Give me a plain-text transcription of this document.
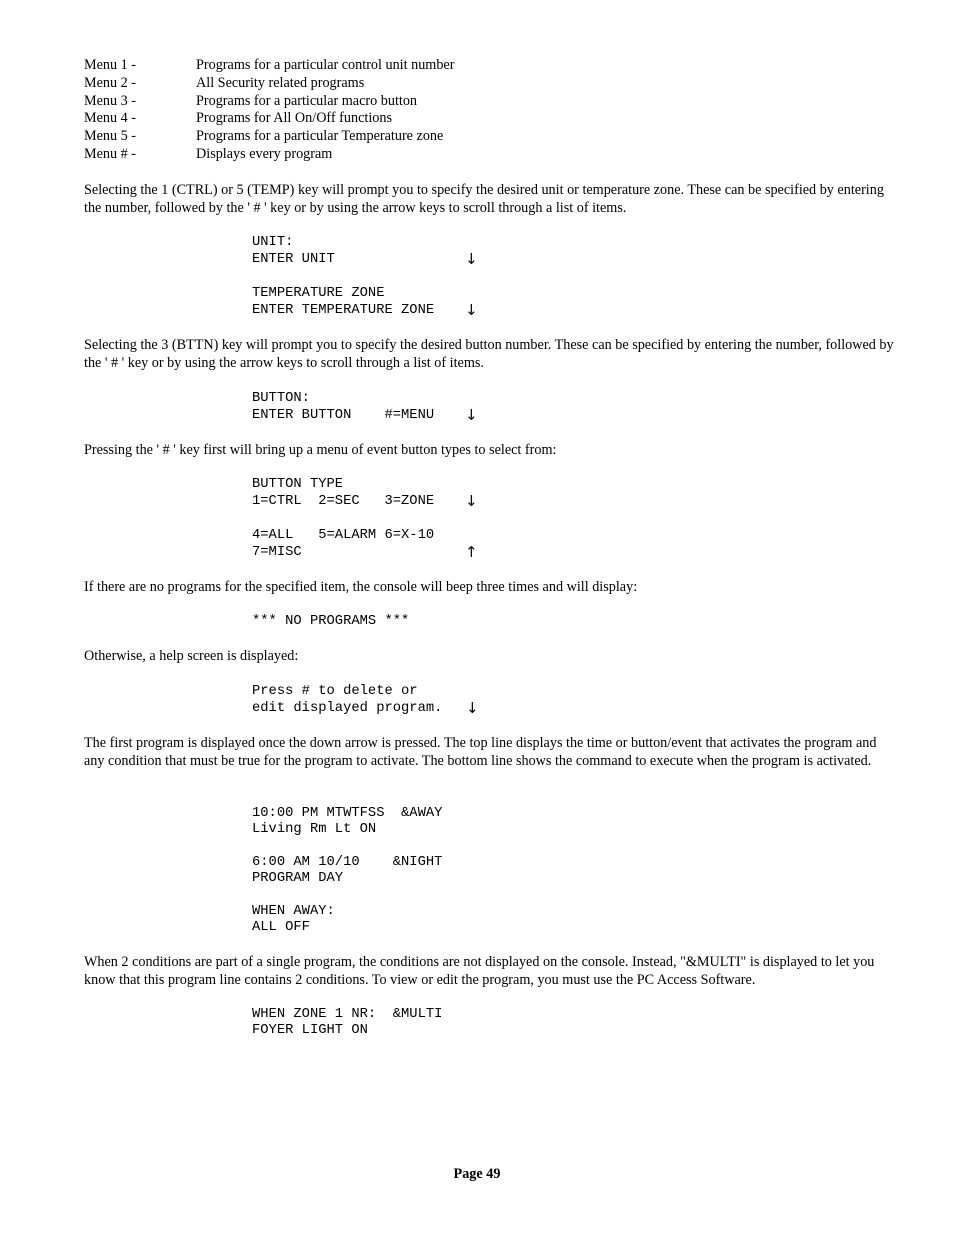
Menu 1 -	Programs for a particular control unit number
Menu 2 -	All Security related programs
Menu 3 -	Programs for a particular macro button
Menu 4 -	Programs for All On/Off functions
Menu 5 -	Programs for a particular Temperature zone
Menu # -	Displays every program

Selecting the 1 (CTRL) or 5 (TEMP) key will prompt you to specify the desired unit or temperature zone. These can be specified by entering the number, followed by the ' # ' key or by using the arrow keys to scroll through a list of items.

UNIT:

ENTER UNIT

	↓

TEMPERATURE ZONE

ENTER TEMPERATURE ZONE

↓

Selecting the 3 (BTTN) key will prompt you to specify the desired button number. These can be specified by entering the number, followed by the ' # ' key or by using the arrow keys to scroll through a list of items.

BUTTON:

ENTER BUTTON    #=MENU

↓

Pressing the ' # ' key first will bring up a menu of event button types to select from:

BUTTON TYPE

1=CTRL  2=SEC   3=ZONE

↓

4=ALL   5=ALARM 6=X-10

7=MISC

	↑

If there are no programs for the specified item, the console will beep three times and will display:

*** NO PROGRAMS ***

Otherwise, a help screen is displayed:

Press # to delete or

edit displayed program.

↓

The first program is displayed once the down arrow is pressed. The top line displays the time or button/event that activates the program and any condition that must be true for the program to activate. The bottom line shows the command to execute when the program is activated.

10:00 PM MTWTFSS  &AWAY

Living Rm Lt ON

6:00 AM 10/10    &NIGHT

PROGRAM DAY

WHEN AWAY:

ALL OFF

When 2 conditions are part of a single program, the conditions are not displayed on the console. Instead, "&MULTI" is displayed to let you know that this program line contains 2 conditions. To view or edit the program, you must use the PC Access Software.

WHEN ZONE 1 NR:  &MULTI

FOYER LIGHT ON

Page 49
